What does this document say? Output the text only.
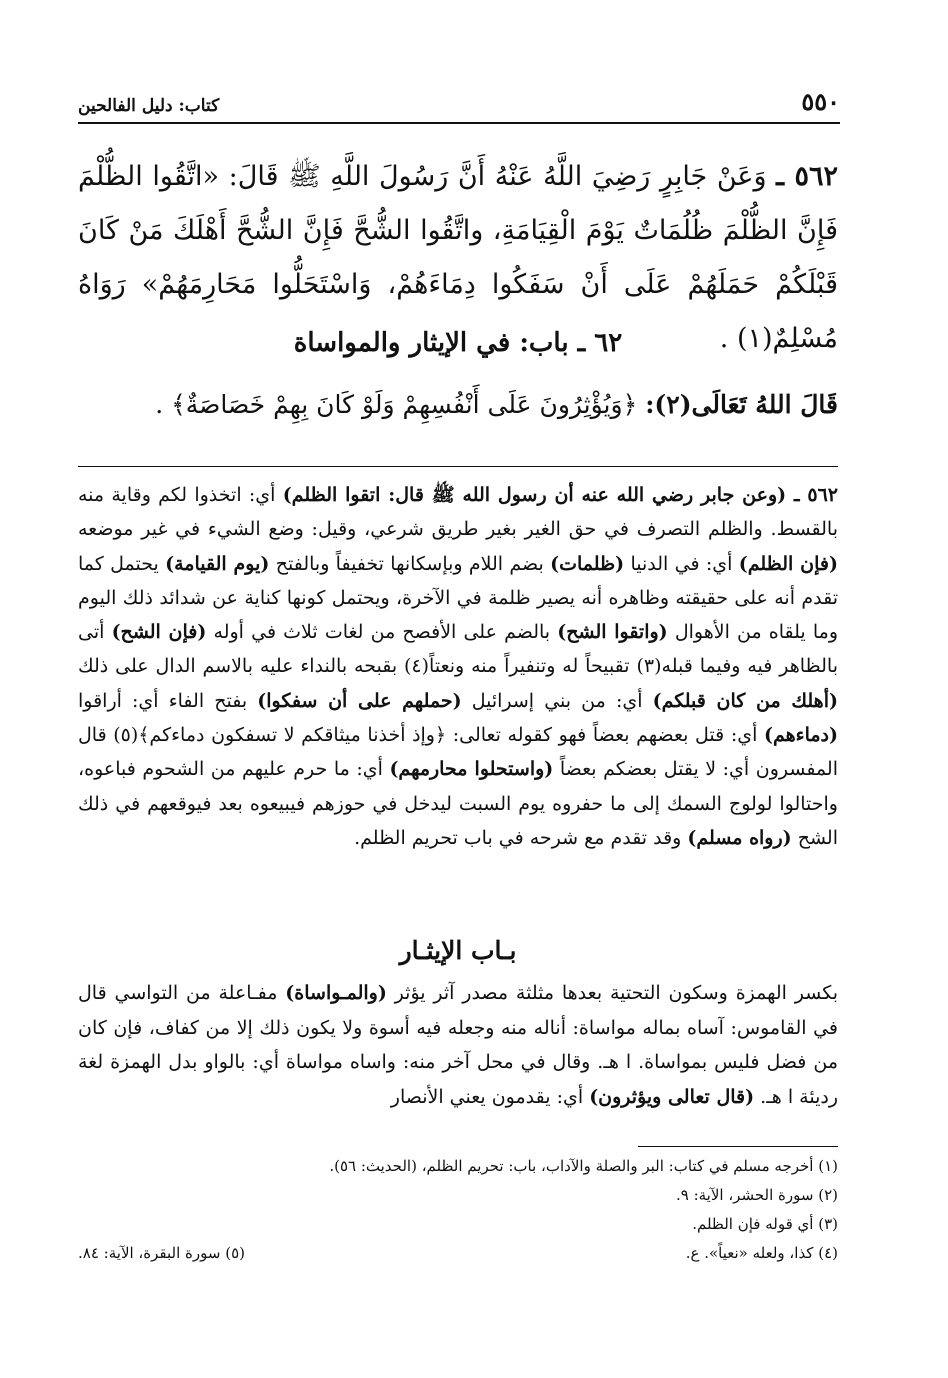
٥٥٠
كتاب: دليل الفالحين
٥٦٢ ـ وَعَنْ جَابِرٍ رَضِيَ اللَّهُ عَنْهُ أَنَّ رَسُولَ اللَّهِ ﷺ قَالَ: «اتَّقُوا الظُّلْمَ فَإِنَّ الظُّلْمَ ظُلُمَاتٌ يَوْمَ الْقِيَامَةِ، واتَّقُوا الشُّحَّ فَإِنَّ الشُّحَّ أَهْلَكَ مَنْ كَانَ قَبْلَكُمْ حَمَلَهُمْ عَلَى أَنْ سَفَكُوا دِمَاءَهُمْ، وَاسْتَحَلُّوا مَحَارِمَهُمْ» رَوَاهُ مُسْلِمٌ(١) .
٦٢ ـ باب: في الإيثار والمواساة
قَالَ اللهُ تَعَالَى(٢): ﴿وَيُؤْثِرُونَ عَلَى أَنْفُسِهِمْ وَلَوْ كَانَ بِهِمْ خَصَاصَةٌ﴾ .
٥٦٢ ـ (وعن جابر رضي الله عنه أن رسول الله ﷺ قال: اتقوا الظلم) أي: اتخذوا لكم وقاية منه بالقسط. والظلم التصرف في حق الغير بغير طريق شرعي، وقيل: وضع الشيء في غير موضعه (فإن الظلم) أي: في الدنيا (ظلمات) بضم اللام وبإسكانها تخفيفاً وبالفتح (يوم القيامة) يحتمل كما تقدم أنه على حقيقته وظاهره أنه يصير ظلمة في الآخرة، ويحتمل كونها كناية عن شدائد ذلك اليوم وما يلقاه من الأهوال (واتقوا الشح) بالضم على الأفصح من لغات ثلاث في أوله (فإن الشح) أتى بالظاهر فيه وفيما قبله(٣) تقبيحاً له وتنفيراً منه ونعتاً(٤) بقبحه بالنداء عليه بالاسم الدال على ذلك (أهلك من كان قبلكم) أي: من بني إسرائيل (حملهم على أن سفكوا) بفتح الفاء أي: أراقوا (دماءهم) أي: قتل بعضهم بعضاً فهو كقوله تعالى: ﴿وإذ أخذنا ميثاقكم لا تسفكون دماءكم﴾(٥) قال المفسرون أي: لا يقتل بعضكم بعضاً (واستحلوا محارمهم) أي: ما حرم عليهم من الشحوم فباعوه، واحتالوا لولوج السمك إلى ما حفروه يوم السبت ليدخل في حوزهم فيبيعوه بعد فيوقعهم في ذلك الشح (رواه مسلم) وقد تقدم مع شرحه في باب تحريم الظلم.
بـاب الإيثـار
بكسر الهمزة وسكون التحتية بعدها مثلثة مصدر آثر يؤثر (والمـواساة) مفـاعلة من التواسي قال في القاموس: آساه بماله مواساة: أناله منه وجعله فيه أسوة ولا يكون ذلك إلا من كفاف، فإن كان من فضل فليس بمواساة. ا هـ. وقال في محل آخر منه: واساه مواساة أي: بالواو بدل الهمزة لغة رديئة ا هـ. (قال تعالى ويؤثرون) أي: يقدمون يعني الأنصار
(١) أخرجه مسلم في كتاب: البر والصلة والآداب، باب: تحريم الظلم، (الحديث: ٥٦).
(٢) سورة الحشر، الآية: ٩.
(٣) أي قوله فإن الظلم.
(٤) كذا، ولعله «نعياً». ع.
(٥) سورة البقرة، الآية: ٨٤.
